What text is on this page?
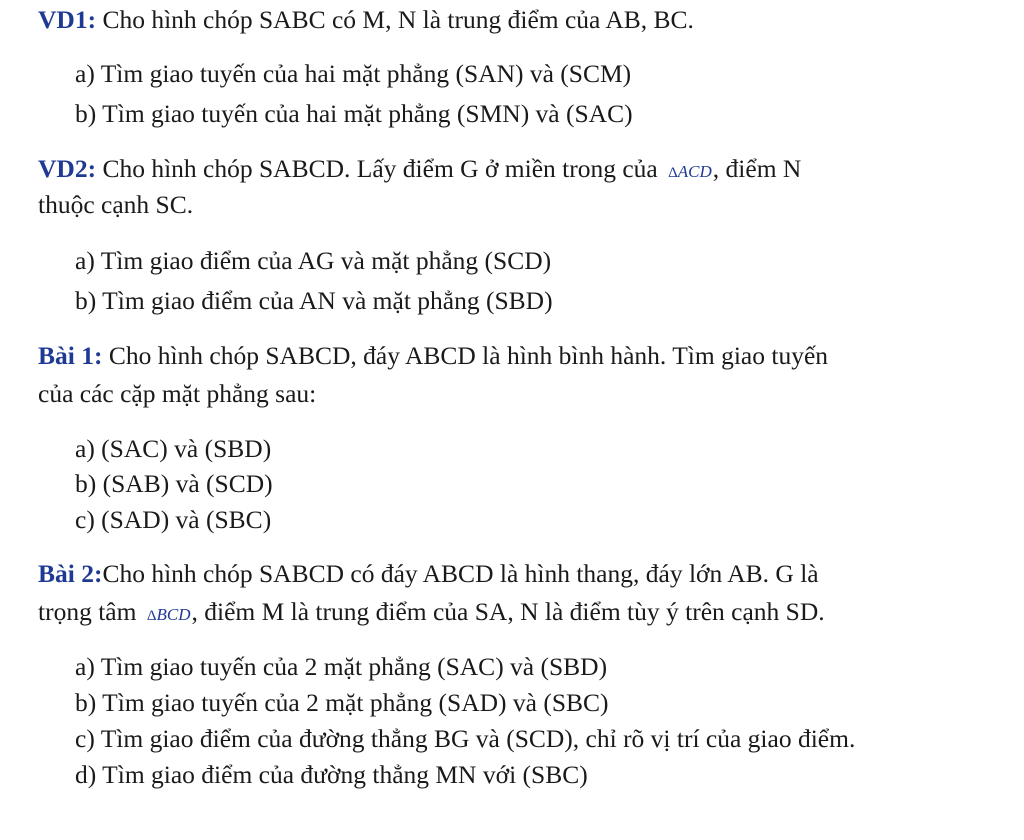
VD1: Cho hình chóp SABC có M, N là trung điểm của AB, BC.
a) Tìm giao tuyến của hai mặt phẳng (SAN) và (SCM)
b) Tìm giao tuyến của hai mặt phẳng (SMN) và (SAC)
VD2: Cho hình chóp SABCD. Lấy điểm G ở miền trong của ΔACD, điểm N
thuộc cạnh SC.
a) Tìm giao điểm của AG và mặt phẳng (SCD)
b) Tìm giao điểm của AN và mặt phẳng (SBD)
Bài 1: Cho hình chóp SABCD, đáy ABCD là hình bình hành. Tìm giao tuyến
của các cặp mặt phẳng sau:
a) (SAC) và (SBD)
b) (SAB) và (SCD)
c) (SAD) và (SBC)
Bài 2:Cho hình chóp SABCD có đáy ABCD là hình thang, đáy lớn AB. G là
trọng tâm ΔBCD, điểm M là trung điểm của SA, N là điểm tùy ý trên cạnh SD.
a) Tìm giao tuyến của 2 mặt phẳng (SAC) và (SBD)
b) Tìm giao tuyến của 2 mặt phẳng (SAD) và (SBC)
c) Tìm giao điểm của đường thẳng BG và (SCD), chỉ rõ vị trí của giao điểm.
d) Tìm giao điểm của đường thẳng MN với (SBC)
